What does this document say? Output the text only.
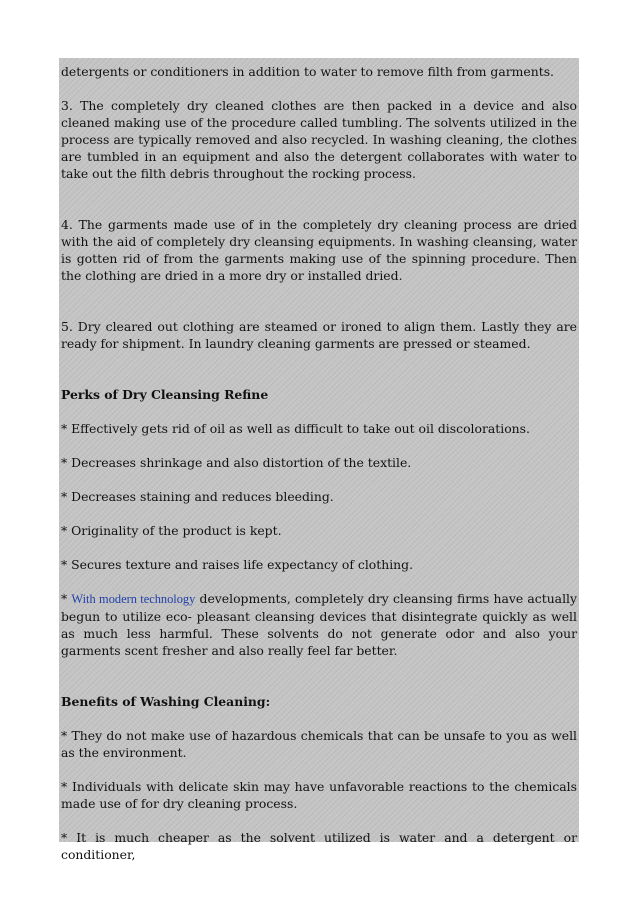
detergents or conditioners in addition to water to remove filth from garments.

3. The completely dry cleaned clothes are then packed in a device and also cleaned making use of the procedure called tumbling. The solvents utilized in the process are typically removed and also recycled. In washing cleaning, the clothes are tumbled in an equipment and also the detergent collaborates with water to take out the filth debris throughout the rocking process.

4. The garments made use of in the completely dry cleaning process are dried with the aid of completely dry cleansing equipments. In washing cleansing, water is gotten rid of from the garments making use of the spinning procedure. Then the clothing are dried in a more dry or installed dried.

5. Dry cleared out clothing are steamed or ironed to align them. Lastly they are ready for shipment. In laundry cleaning garments are pressed or steamed.

Perks of Dry Cleansing Refine

* Effectively gets rid of oil as well as difficult to take out oil discolorations.

* Decreases shrinkage and also distortion of the textile.

* Decreases staining and reduces bleeding.

* Originality of the product is kept.

* Secures texture and raises life expectancy of clothing.

* With modern technology developments, completely dry cleansing firms have actually begun to utilize eco- pleasant cleansing devices that disintegrate quickly as well as much less harmful. These solvents do not generate odor and also your garments scent fresher and also really feel far better.

Benefits of Washing Cleaning:

* They do not make use of hazardous chemicals that can be unsafe to you as well as the environment.

* Individuals with delicate skin may have unfavorable reactions to the chemicals made use of for dry cleaning process.

* It is much cheaper as the solvent utilized is water and a detergent or conditioner,
